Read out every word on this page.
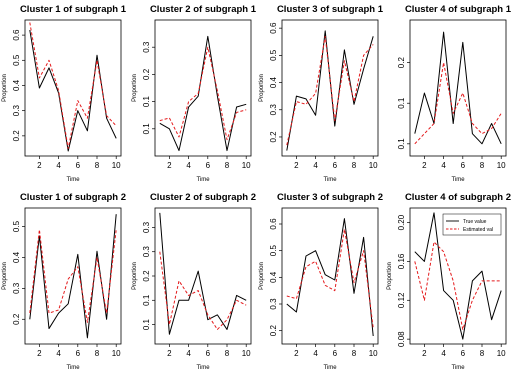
Cluster 1 of subgraph 1
2 4 6 8 10
0.2
0.3
0.4
0.5
0.6
Time
Proportion
Cluster 2 of subgraph 1
2 4 6 8 10
0.1
0.1
0.2
0.3
Time
Proportion
Cluster 3 of subgraph 1
2 4 6 8 10
0.2
0.3
0.4
0.5
0.6
Time
Proportion
Cluster 4 of subgraph 1
2 4 6 8 10
0.1
0.1
0.2
Time
Cluster 1 of subgraph 2
2 4 6 8 10
0.2
0.3
0.4
0.5
Time
Proportion
Cluster 2 of subgraph 2
2 4 6 8 10
0.1
0.1
0.2
0.3
0.3
Time
Proportion
Cluster 3 of subgraph 2
2 4 6 8 10
0.2
0.3
0.4
0.5
0.6
Time
Proportion
Cluster 4 of subgraph 2
2 4 6 8 10
0.08
0.12
0.16
0.20
Time
Proportion
True value
Estimated val
